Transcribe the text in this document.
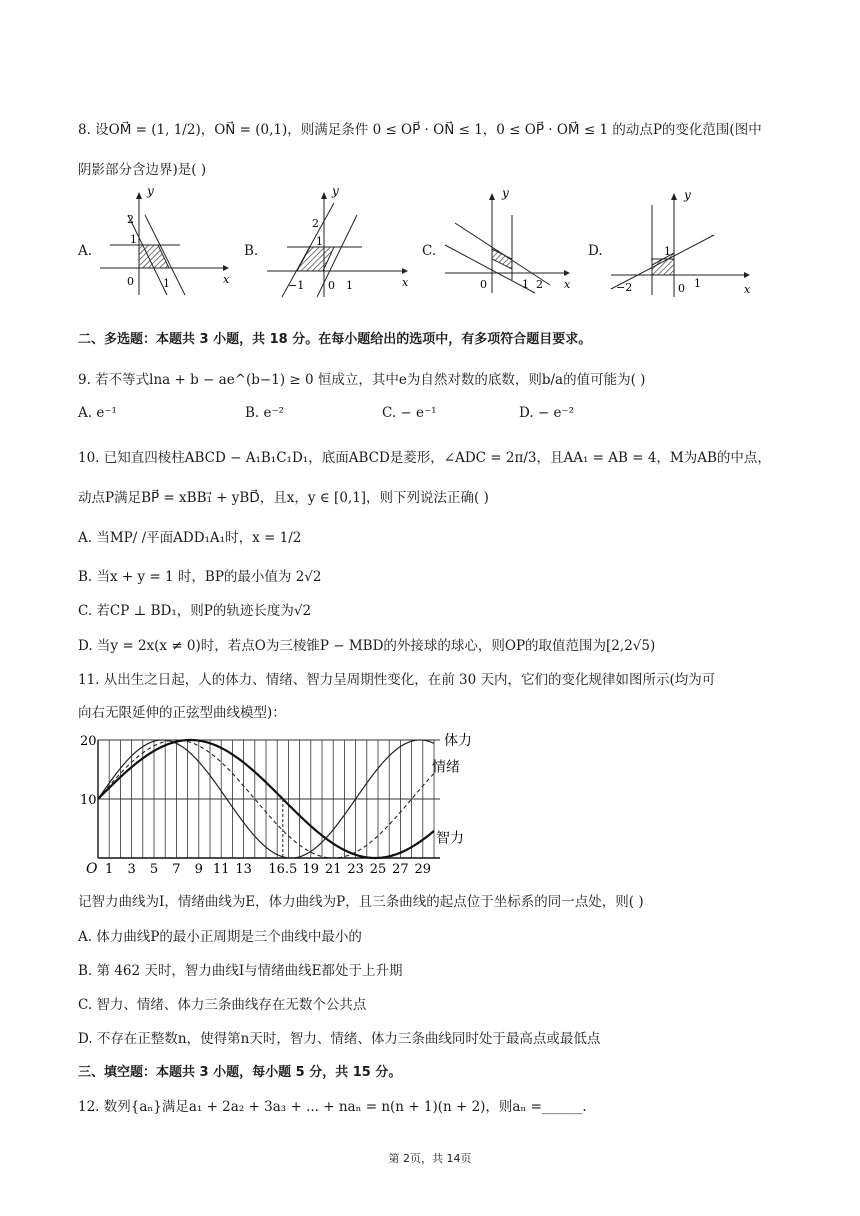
8. 设OM⃗ = (1, 1/2)，ON⃗ = (0,1)，则满足条件 0 ≤ OP⃗ · ON⃗ ≤ 1，0 ≤ OP⃗ · OM⃗ ≤ 1 的动点P的变化范围(图中
阴影部分含边界)是( )
A.
y
2
1
0	1	x
B.
y
2
1
−1 0 1	x
C.
y
0	1 2 x
D.
y
1
−2	0 1	x
二、多选题：本题共 3 小题，共 18 分。在每小题给出的选项中，有多项符合题目要求。
9. 若不等式lna + b − ae^(b−1) ≥ 0 恒成立，其中e为自然对数的底数，则b/a的值可能为( )
A. e⁻¹	B. e⁻²	C. − e⁻¹	D. − e⁻²
10. 已知直四棱柱ABCD − A₁B₁C₁D₁，底面ABCD是菱形，∠ADC = 2π/3，且AA₁ = AB = 4，M为AB的中点，
动点P满足BP⃗ = xBB₁⃗ + yBD⃗，且x，y ∈ [0,1]，则下列说法正确( )
A. 当MP/ /平面ADD₁A₁时，x = 1/2
B. 当x + y = 1 时，BP的最小值为 2√2
C. 若CP ⊥ BD₁，则P的轨迹长度为√2
D. 当y = 2x(x ≠ 0)时，若点O为三棱锥P − MBD的外接球的球心，则OP的取值范围为[2,2√5)
11. 从出生之日起，人的体力、情绪、智力呈周期性变化，在前 30 天内，它们的变化规律如图所示(均为可
向右无限延伸的正弦型曲线模型)：
1 3 5 7 9 11 13 16.5 19 21 23 25 27 29
O
20
10
体力
情绪
智力
记智力曲线为I，情绪曲线为E，体力曲线为P，且三条曲线的起点位于坐标系的同一点处，则( )
A. 体力曲线P的最小正周期是三个曲线中最小的
B. 第 462 天时，智力曲线I与情绪曲线E都处于上升期
C. 智力、情绪、体力三条曲线存在无数个公共点
D. 不存在正整数n，使得第n天时，智力、情绪、体力三条曲线同时处于最高点或最低点
三、填空题：本题共 3 小题，每小题 5 分，共 15 分。
12. 数列{aₙ}满足a₁ + 2a₂ + 3a₃ + ... + naₙ = n(n + 1)(n + 2)，则aₙ =______.
第 2页，共 14页
